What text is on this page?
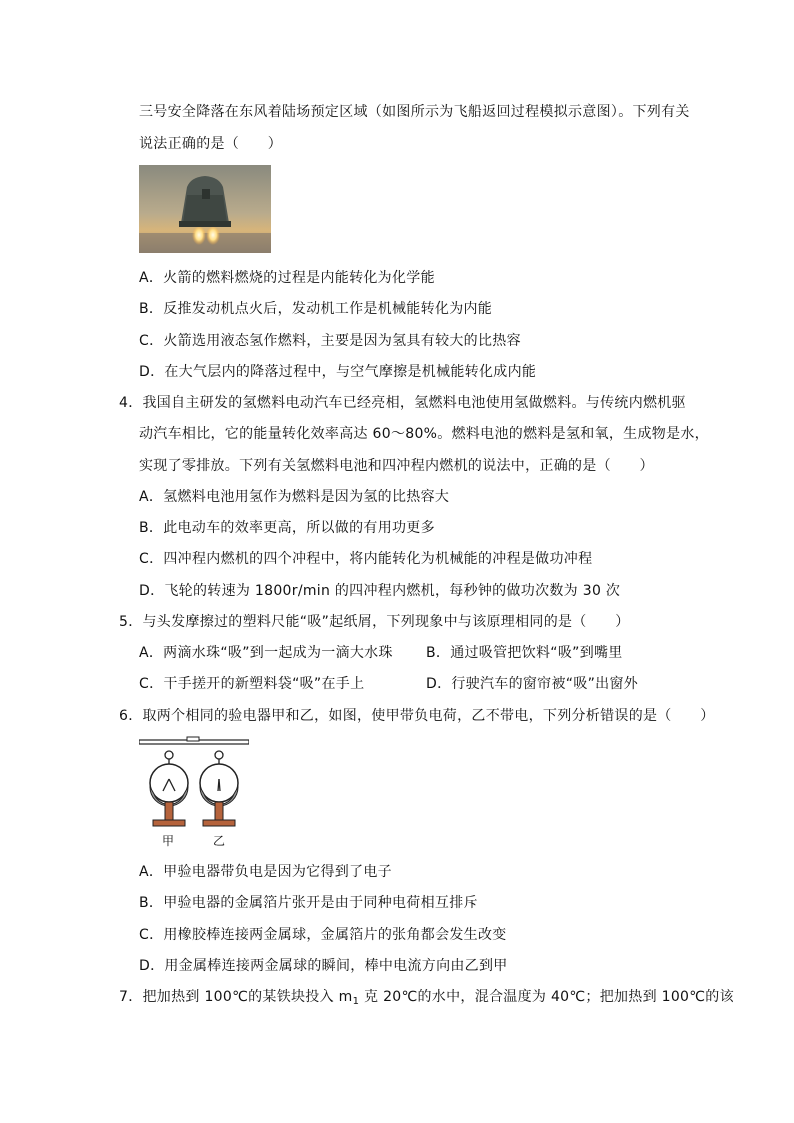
三号安全降落在东风着陆场预定区域（如图所示为飞船返回过程模拟示意图）。下列有关
说法正确的是（　　）
A．火箭的燃料燃烧的过程是内能转化为化学能
B．反推发动机点火后，发动机工作是机械能转化为内能
C．火箭选用液态氢作燃料，主要是因为氢具有较大的比热容
D．在大气层内的降落过程中，与空气摩擦是机械能转化成内能
4．我国自主研发的氢燃料电动汽车已经亮相，氢燃料电池使用氢做燃料。与传统内燃机驱
动汽车相比，它的能量转化效率高达 60～80%。燃料电池的燃料是氢和氧，生成物是水，
实现了零排放。下列有关氢燃料电池和四冲程内燃机的说法中，正确的是（　　）
A．氢燃料电池用氢作为燃料是因为氢的比热容大
B．此电动车的效率更高，所以做的有用功更多
C．四冲程内燃机的四个冲程中，将内能转化为机械能的冲程是做功冲程
D．飞轮的转速为 1800r/min 的四冲程内燃机，每秒钟的做功次数为 30 次
5．与头发摩擦过的塑料尺能“吸”起纸屑，下列现象中与该原理相同的是（　　）
A．两滴水珠“吸”到一起成为一滴大水珠 B．通过吸管把饮料“吸”到嘴里
C．干手搓开的新塑料袋“吸”在手上	D．行驶汽车的窗帘被“吸”出窗外
6．取两个相同的验电器甲和乙，如图，使甲带负电荷，乙不带电，下列分析错误的是（　　）
甲	乙
A．甲验电器带负电是因为它得到了电子
B．甲验电器的金属箔片张开是由于同种电荷相互排斥
C．用橡胶棒连接两金属球，金属箔片的张角都会发生改变
D．用金属棒连接两金属球的瞬间，棒中电流方向由乙到甲
7．把加热到 100℃的某铁块投入 $m_1$ 克 20℃的水中，混合温度为 40℃；把加热到 100℃的该
